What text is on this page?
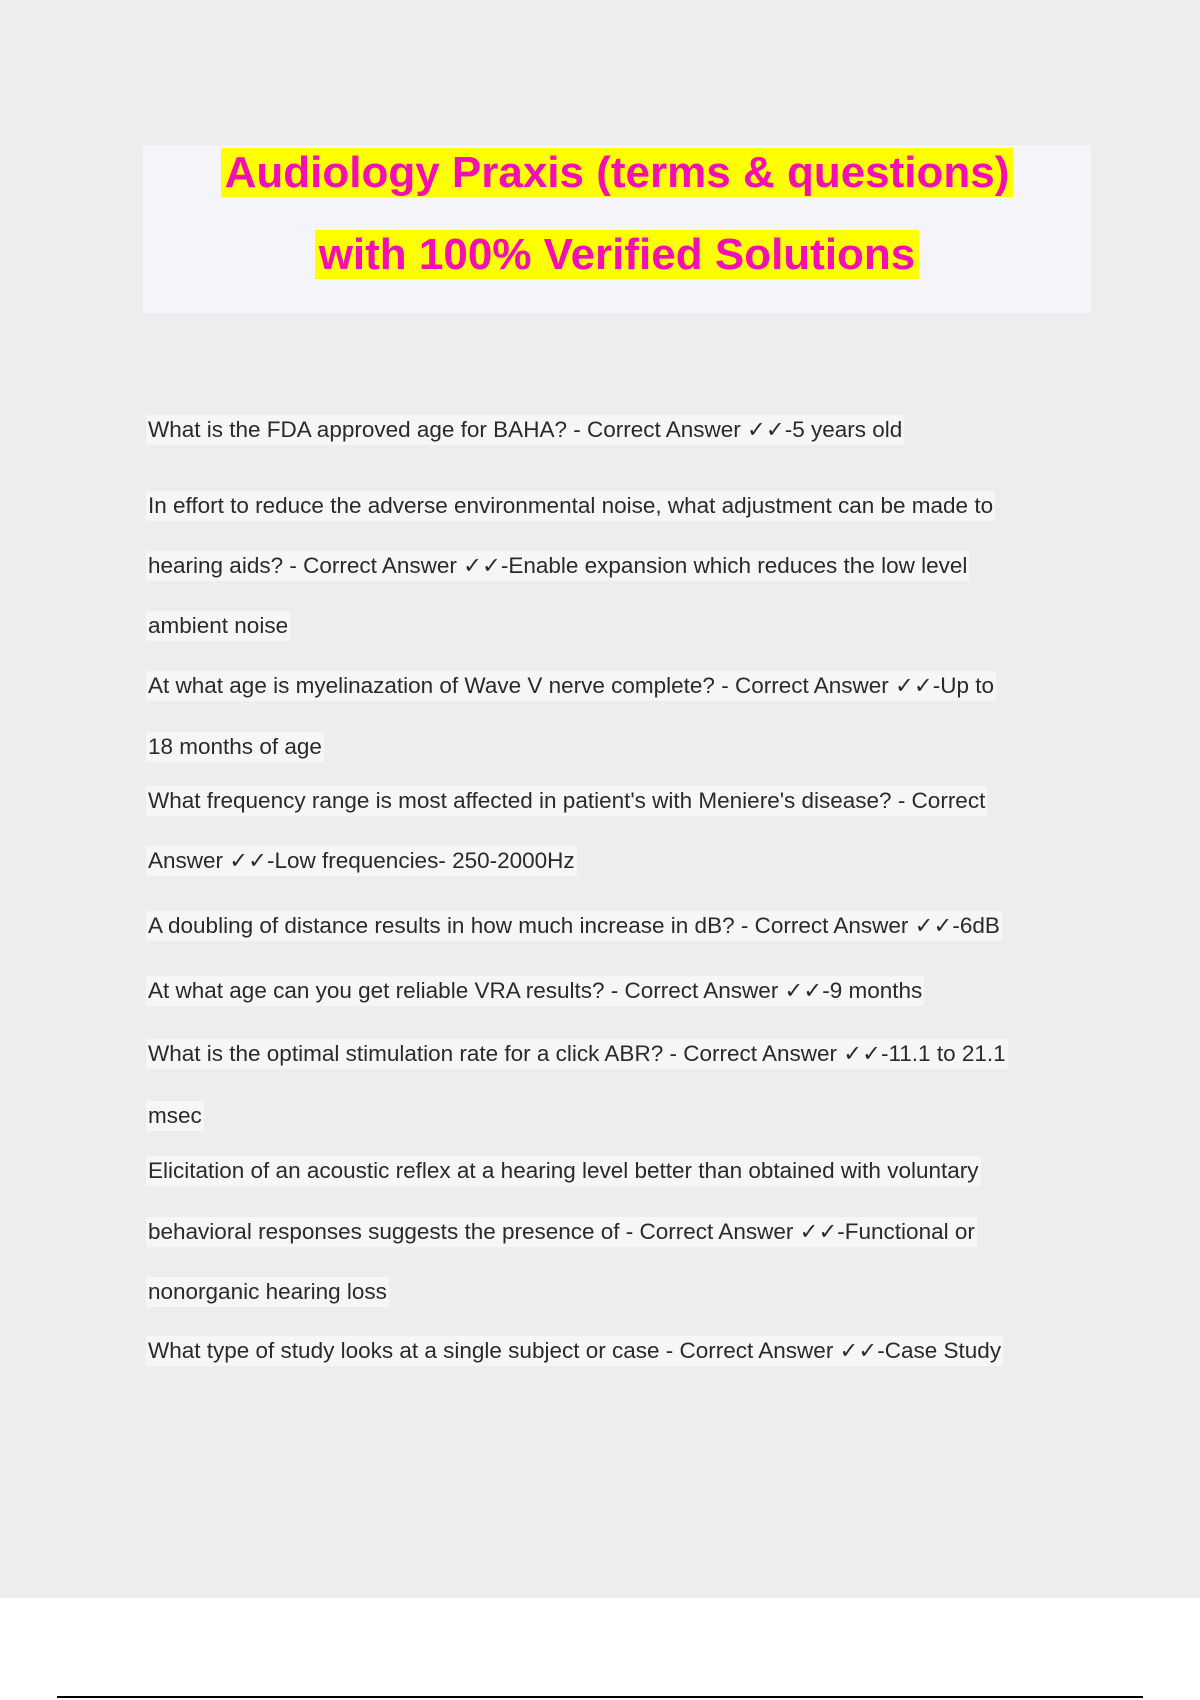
Audiology Praxis (terms & questions)
with 100% Verified Solutions
What is the FDA approved age for BAHA? - Correct Answer ✓✓-5 years old
In effort to reduce the adverse environmental noise, what adjustment can be made to
hearing aids? - Correct Answer ✓✓-Enable expansion which reduces the low level
ambient noise
At what age is myelinazation of Wave V nerve complete? - Correct Answer ✓✓-Up to
18 months of age
What frequency range is most affected in patient's with Meniere's disease? - Correct
Answer ✓✓-Low frequencies- 250-2000Hz
A doubling of distance results in how much increase in dB? - Correct Answer ✓✓-6dB
At what age can you get reliable VRA results? - Correct Answer ✓✓-9 months
What is the optimal stimulation rate for a click ABR? - Correct Answer ✓✓-11.1 to 21.1
msec
Elicitation of an acoustic reflex at a hearing level better than obtained with voluntary
behavioral responses suggests the presence of - Correct Answer ✓✓-Functional or
nonorganic hearing loss
What type of study looks at a single subject or case - Correct Answer ✓✓-Case Study
